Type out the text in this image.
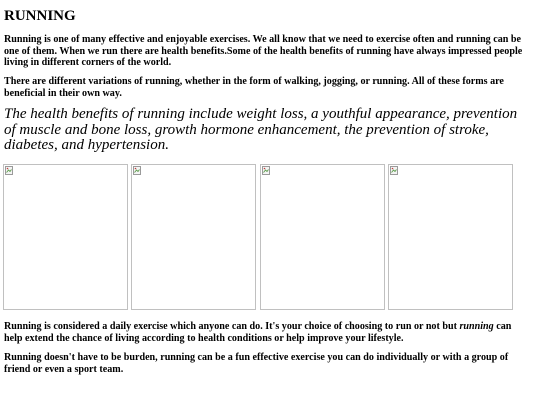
RUNNING

Running is one of many effective and enjoyable exercises. We all know that we need to exercise often and running can be one of them. When we run there are health benefits.Some of the health benefits of running have always impressed people living in different corners of the world.

There are different variations of running, whether in the form of walking, jogging, or running. All of these forms are beneficial in their own way.

The health benefits of running include weight loss, a youthful appearance, prevention of muscle and bone loss, growth hormone enhancement, the prevention of stroke, diabetes, and hypertension.

Running is considered a daily exercise which anyone can do. It's your choice of choosing to run or not but running can help extend the chance of living according to health conditions or help improve your lifestyle.

Running doesn't have to be burden, running can be a fun effective exercise you can do individually or with a group of friend or even a sport team.
